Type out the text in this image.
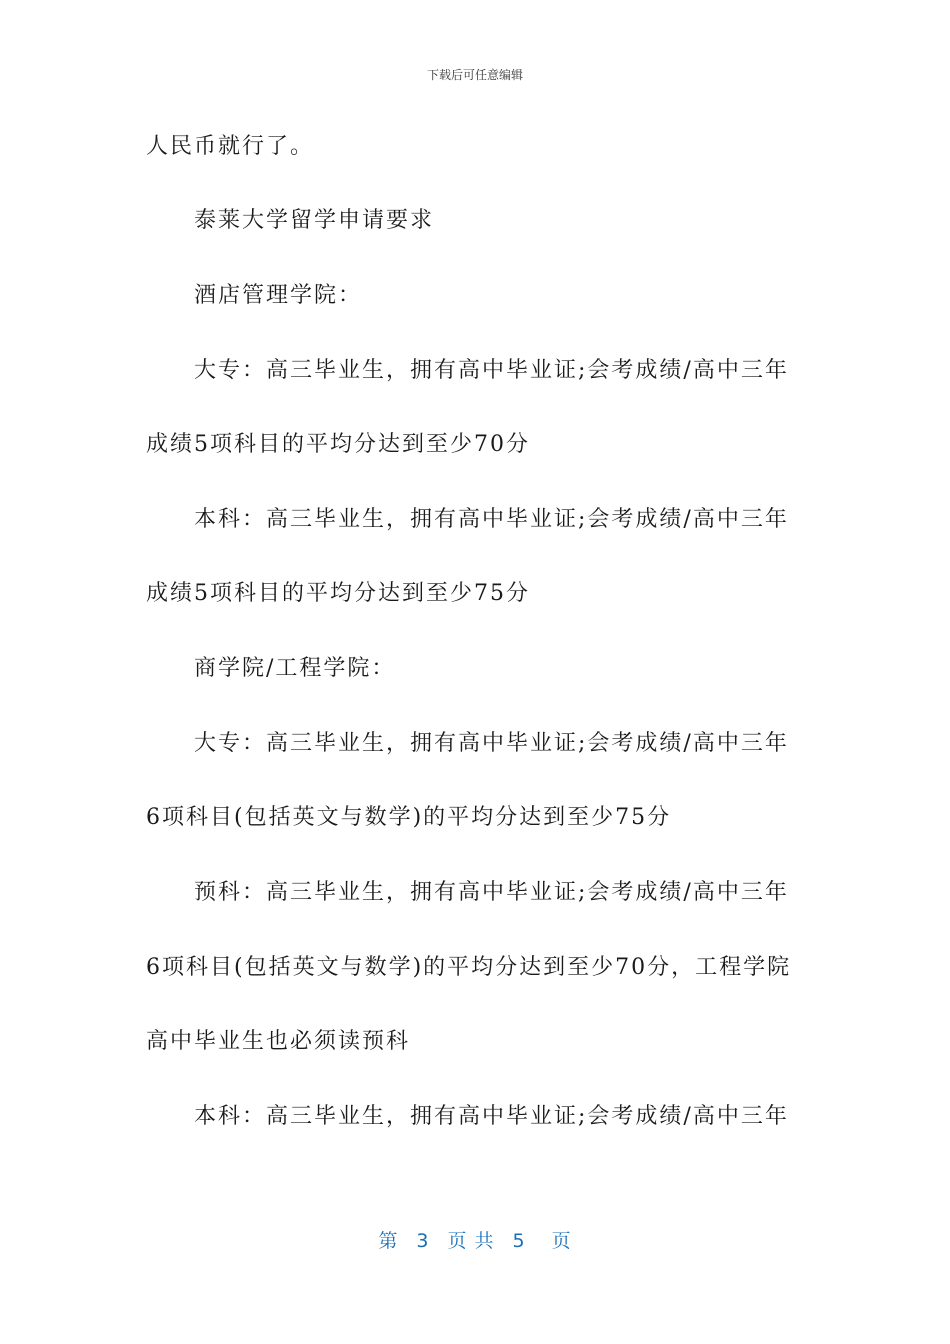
下载后可任意编辑
人民币就行了。
泰莱大学留学申请要求
酒店管理学院：
大专：高三毕业生，拥有高中毕业证;会考成绩/高中三年
成绩5项科目的平均分达到至少70分
本科：高三毕业生，拥有高中毕业证;会考成绩/高中三年
成绩5项科目的平均分达到至少75分
商学院/工程学院：
大专：高三毕业生，拥有高中毕业证;会考成绩/高中三年
6项科目(包括英文与数学)的平均分达到至少75分
预科：高三毕业生，拥有高中毕业证;会考成绩/高中三年
6项科目(包括英文与数学)的平均分达到至少70分，工程学院
高中毕业生也必须读预科
本科：高三毕业生，拥有高中毕业证;会考成绩/高中三年
第 3 页 共 5 页
